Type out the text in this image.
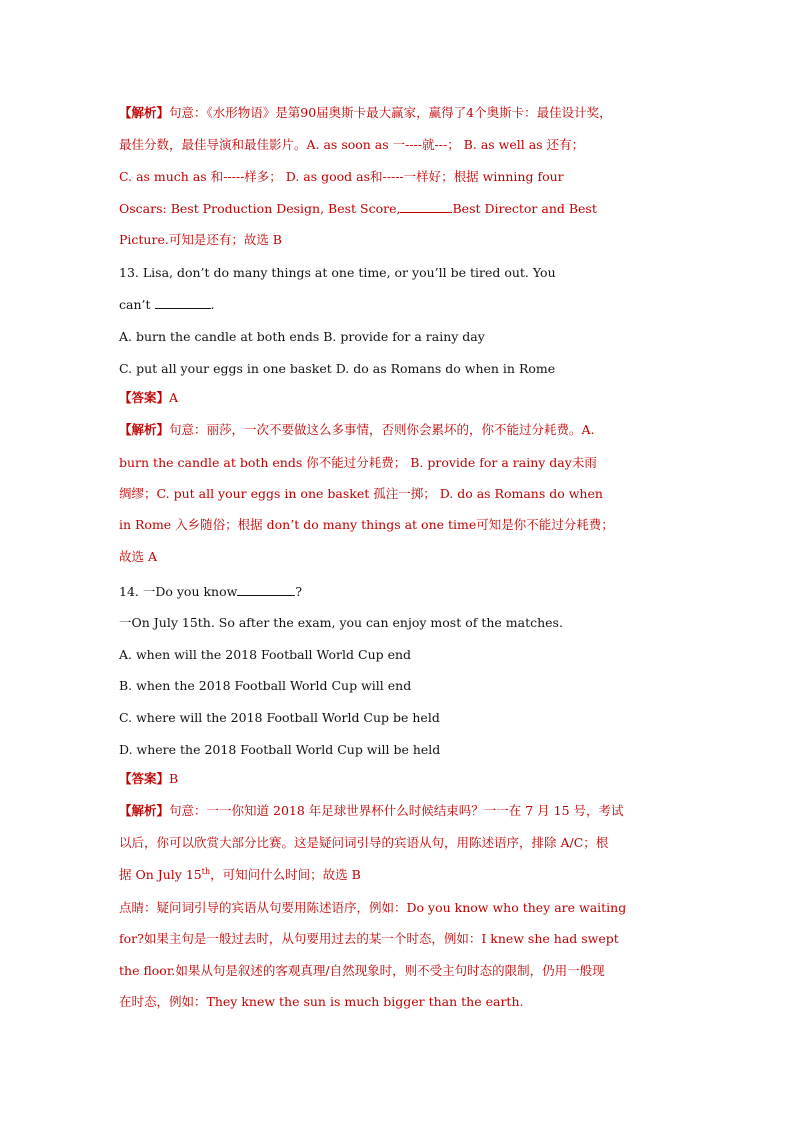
【解析】句意：《水形物语》是第90届奥斯卡最大赢家，赢得了4个奥斯卡：最佳设计奖，
最佳分数，最佳导演和最佳影片。A. as soon as 一----就---； B. as well as 还有；
C. as much as 和-----样多； D. as good as和-----一样好；根据 winning four
Oscars: Best Production Design, Best Score,	Best Director and Best
Picture.可知是还有；故选 B
13. Lisa, don’t do many things at one time, or you’ll be tired out. You
can’t	.
A. burn the candle at both ends B. provide for a rainy day
C. put all your eggs in one basket D. do as Romans do when in Rome
【答案】A
【解析】句意：丽莎，一次不要做这么多事情，否则你会累坏的，你不能过分耗费。A.
burn the candle at both ends 你不能过分耗费； B. provide for a rainy day未雨
绸缪；C. put all your eggs in one basket 孤注一掷； D. do as Romans do when
in Rome 入乡随俗；根据 don’t do many things at one time可知是你不能过分耗费；
故选 A
14. 一Do you know	?
一On July 15th. So after the exam, you can enjoy most of the matches.
A. when will the 2018 Football World Cup end
B. when the 2018 Football World Cup will end
C. where will the 2018 Football World Cup be held
D. where the 2018 Football World Cup will be held
【答案】B
【解析】句意：一一你知道 2018 年足球世界杯什么时候结束吗？一一在 7 月 15 号，考试
以后，你可以欣赏大部分比赛。这是疑问词引导的宾语从句，用陈述语序，排除 A/C；根
据 On July 15th，可知问什么时间；故选 B
点睛：疑问词引导的宾语从句要用陈述语序，例如：Do you know who they are waiting
for?如果主句是一般过去时，从句要用过去的某一个时态，例如：I knew she had swept
the floor.如果从句是叙述的客观真理/自然现象时，则不受主句时态的限制，仍用一般现
在时态，例如：They knew the sun is much bigger than the earth.
